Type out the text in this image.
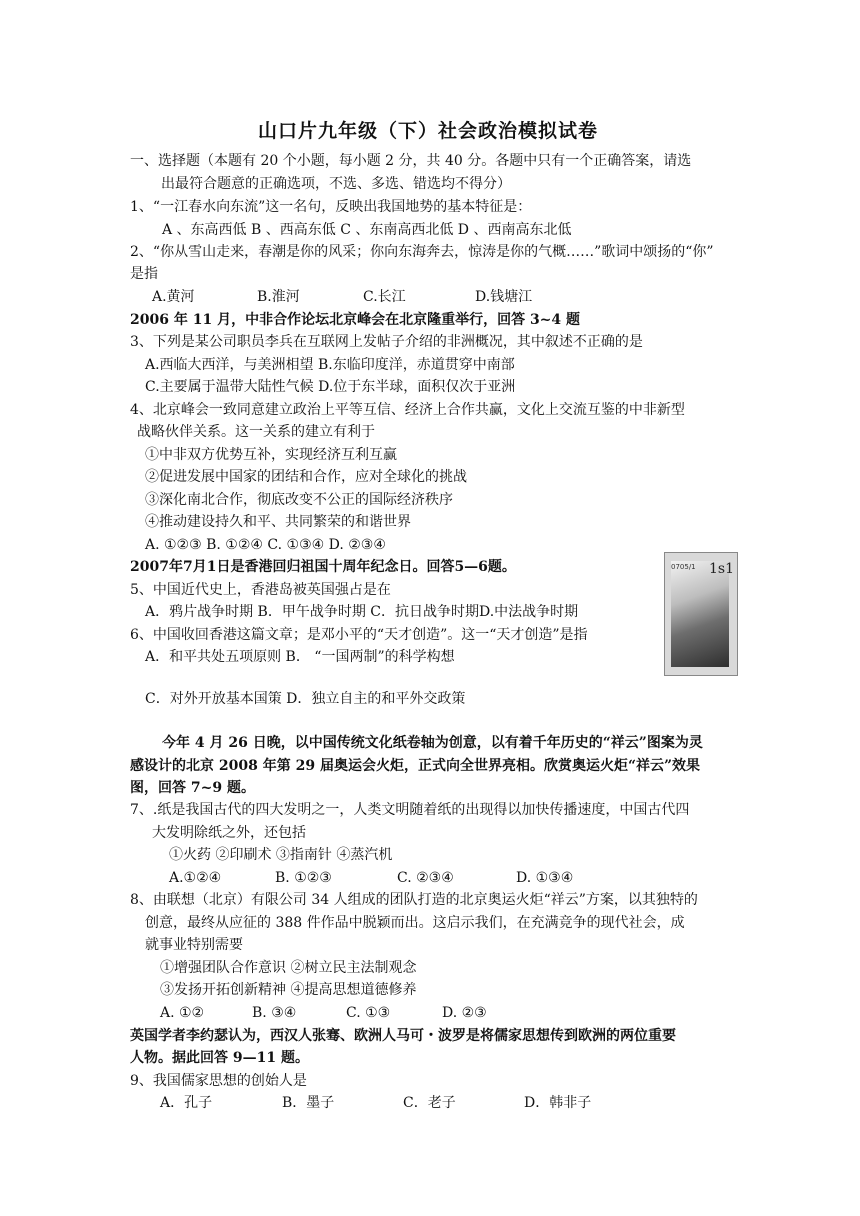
山口片九年级（下）社会政治模拟试卷
一、选择题（本题有 20 个小题，每小题 2 分，共 40 分。各题中只有一个正确答案，请选
出最符合题意的正确选项，不选、多选、错选均不得分）
1、“一江春水向东流”这一名句，反映出我国地势的基本特征是：
A 、东高西低 B 、西高东低 C 、东南高西北低 D 、西南高东北低
2、“你从雪山走来，春潮是你的风采；你向东海奔去，惊涛是你的气概……”歌词中颂扬的“你”
是指
A.黄河	B.淮河	C.长江	D.钱塘江
2006 年 11 月，中非合作论坛北京峰会在北京隆重举行，回答 3~4 题
3、下列是某公司职员李兵在互联网上发帖子介绍的非洲概况，其中叙述不正确的是
A.西临大西洋，与美洲相望 B.东临印度洋，赤道贯穿中南部
C.主要属于温带大陆性气候 D.位于东半球，面积仅次于亚洲
4、北京峰会一致同意建立政治上平等互信、经济上合作共赢，文化上交流互鉴的中非新型
战略伙伴关系。这一关系的建立有利于
①中非双方优势互补，实现经济互利互赢
②促进发展中国家的团结和合作，应对全球化的挑战
③深化南北合作，彻底改变不公正的国际经济秩序
④推动建设持久和平、共同繁荣的和谐世界
A. ①②③ B. ①②④ C. ①③④ D. ②③④
2007年7月1日是香港回归祖国十周年纪念日。回答5—6题。	0705/1 1s1
5、中国近代史上，香港岛被英国强占是在
A．鸦片战争时期 B．甲午战争时期 C．抗日战争时期D.中法战争时期
6、中国收回香港这篇文章；是邓小平的“天才创造”。这一“天才创造”是指
A．和平共处五项原则 B． “一国两制”的科学构想
C．对外开放基本国策 D．独立自主的和平外交政策
今年 4 月 26 日晚，以中国传统文化纸卷轴为创意，以有着千年历史的“祥云”图案为灵
感设计的北京 2008 年第 29 届奥运会火炬，正式向全世界亮相。欣赏奥运火炬“祥云”效果
图，回答 7~9 题。
7、.纸是我国古代的四大发明之一，人类文明随着纸的出现得以加快传播速度，中国古代四
大发明除纸之外，还包括
①火药 ②印刷术 ③指南针 ④蒸汽机
A.①②④	B. ①②③	C. ②③④	D. ①③④
8、由联想（北京）有限公司 34 人组成的团队打造的北京奥运火炬“祥云”方案，以其独特的
创意，最终从应征的 388 件作品中脱颖而出。这启示我们，在充满竞争的现代社会，成
就事业特别需要
①增强团队合作意识 ②树立民主法制观念
③发扬开拓创新精神 ④提高思想道德修养
A. ①②	B. ③④	C. ①③	D. ②③
英国学者李约瑟认为，西汉人张骞、欧洲人马可・波罗是将儒家思想传到欧洲的两位重要
人物。据此回答 9—11 题。
9、我国儒家思想的创始人是
A．孔子	B．墨子	C．老子	D．韩非子
